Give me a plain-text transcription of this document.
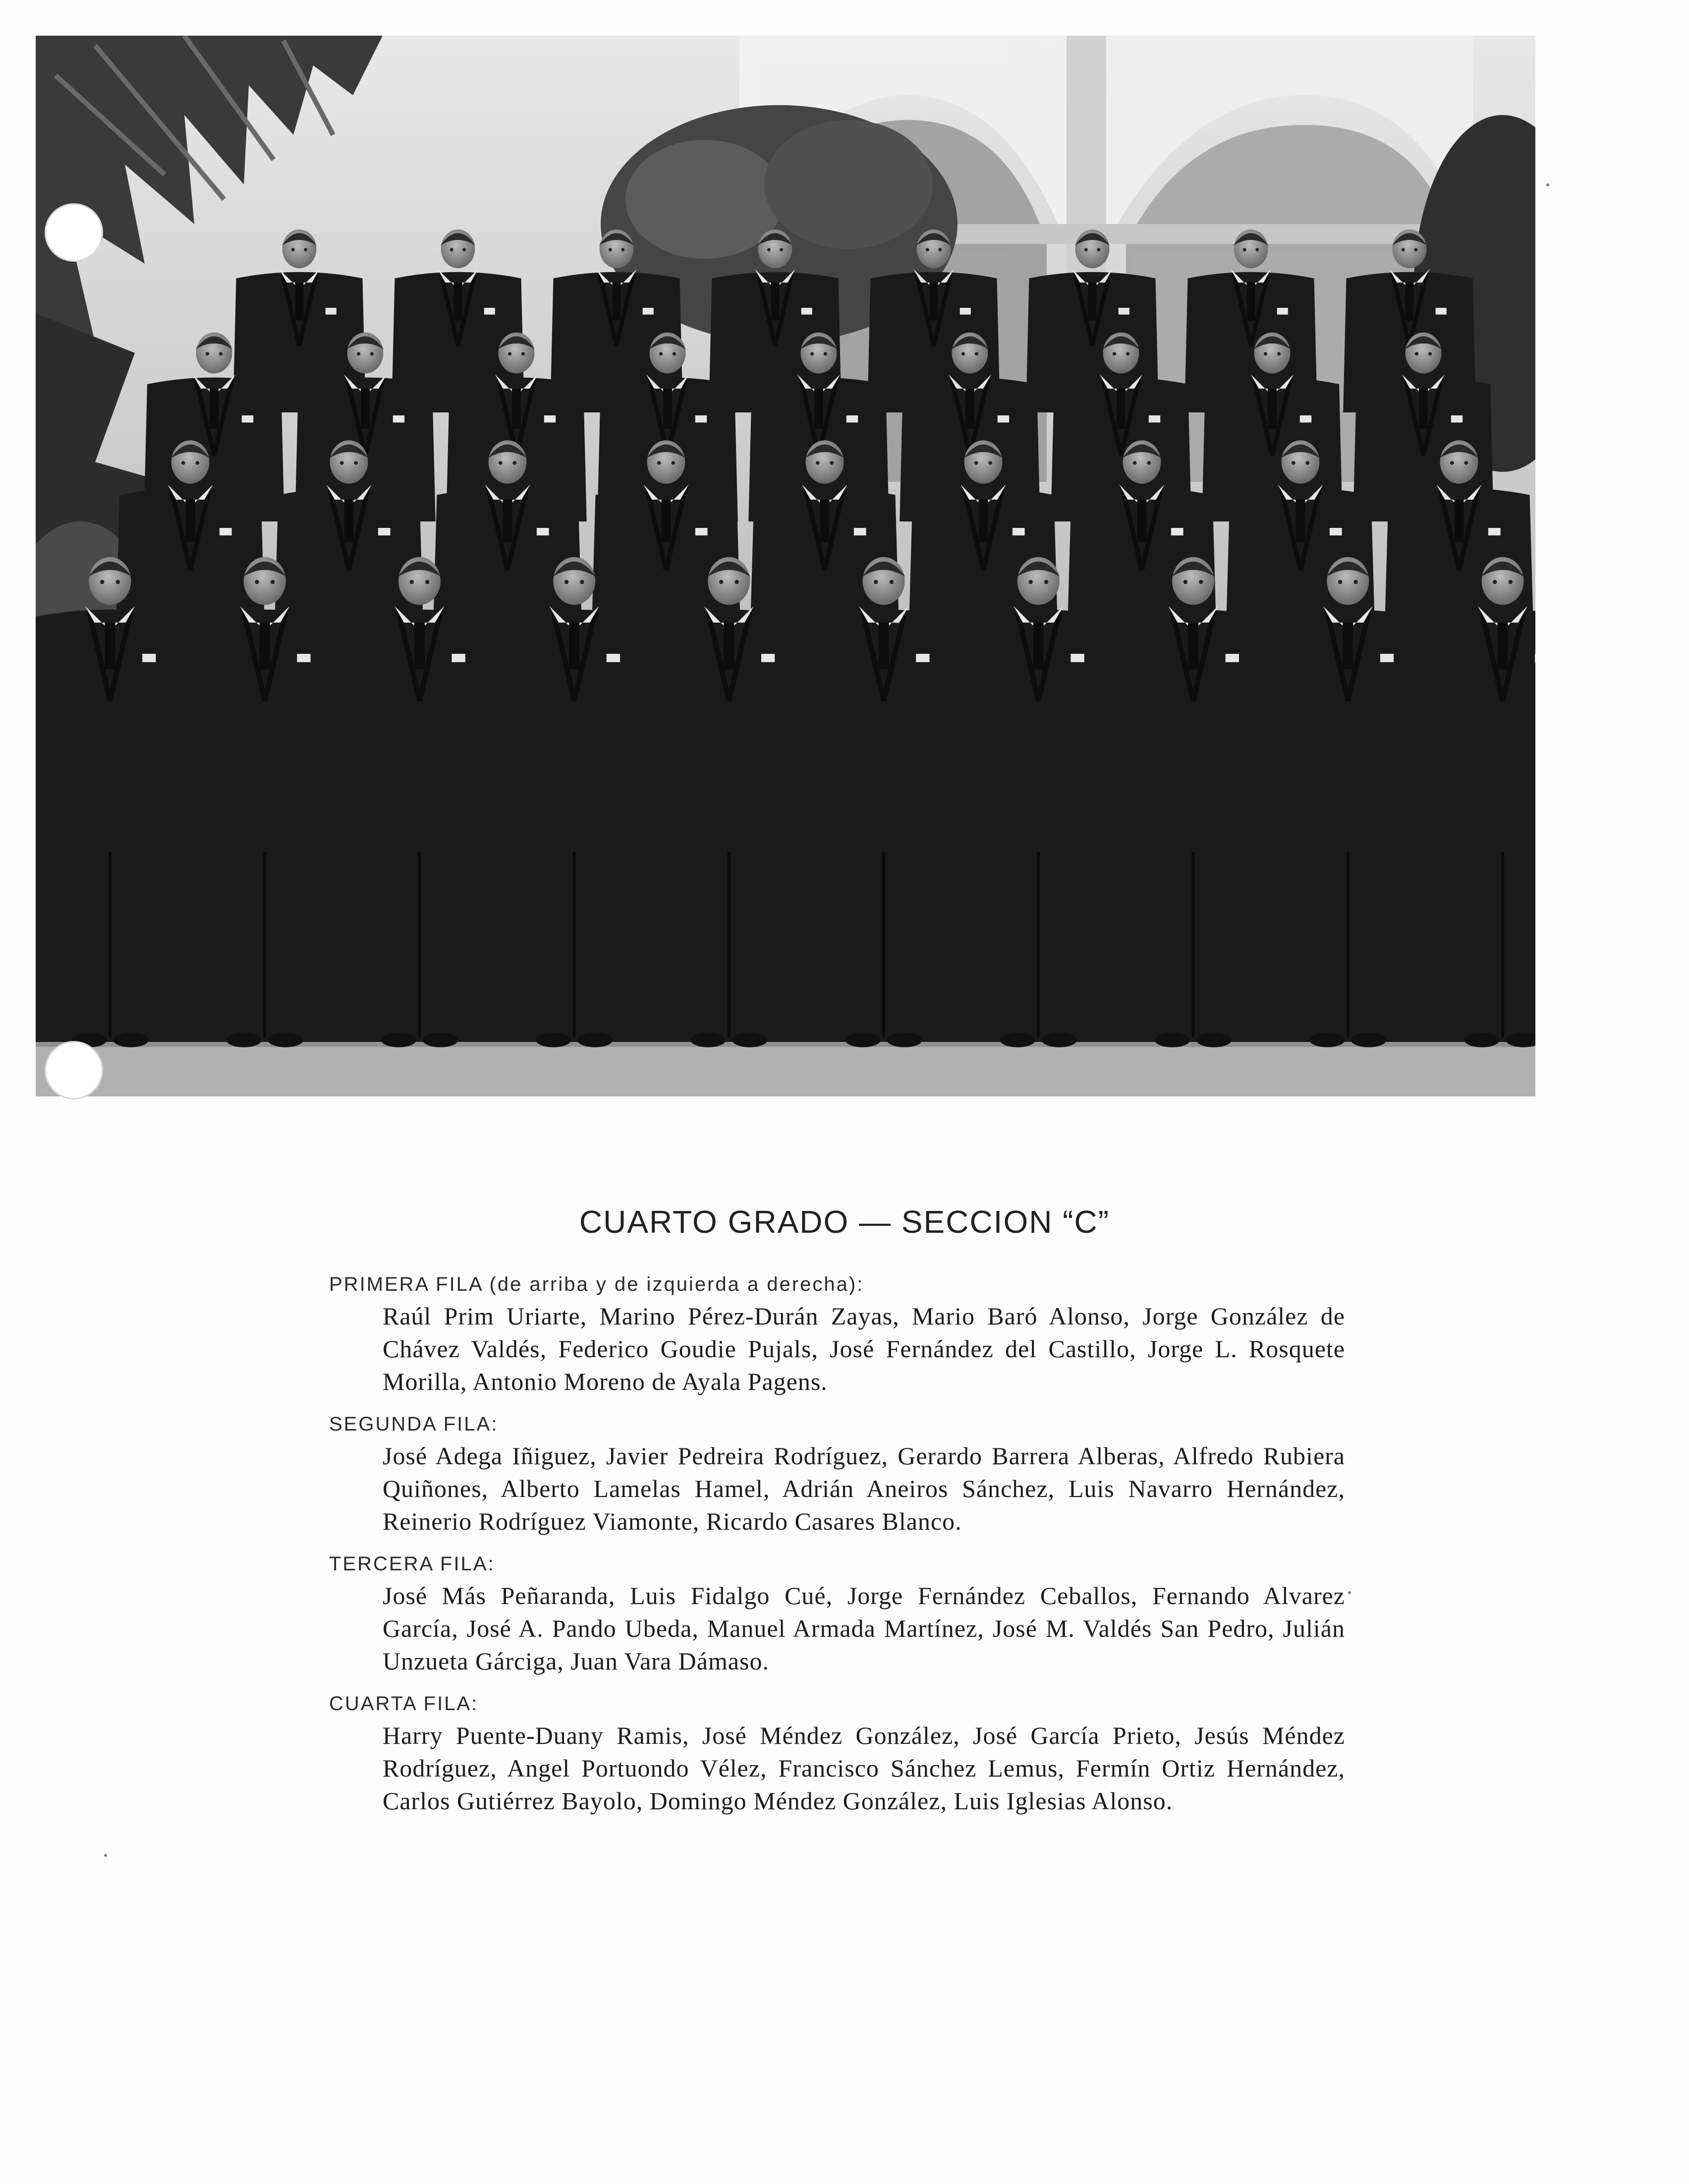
CUARTO GRADO — SECCION “C”
PRIMERA FILA (de arriba y de izquierda a derecha):
Raúl Prim Uriarte, Marino Pérez-Durán Zayas, Mario Baró Alonso, Jorge González de Chávez Valdés, Federico Goudie Pujals, José Fernández del Castillo, Jorge L. Rosquete Morilla, Antonio Moreno de Ayala Pagens.
SEGUNDA FILA:
José Adega Iñiguez, Javier Pedreira Rodríguez, Gerardo Barrera Alberas, Alfredo Rubiera Quiñones, Alberto Lamelas Hamel, Adrián Aneiros Sánchez, Luis Navarro Hernández, Reinerio Rodríguez Viamonte, Ricardo Casares Blanco.
TERCERA FILA:
José Más Peñaranda, Luis Fidalgo Cué, Jorge Fernández Ceballos, Fernando Alvarez García, José A. Pando Ubeda, Manuel Armada Martínez, José M. Valdés San Pedro, Julián Unzueta Gárciga, Juan Vara Dámaso.
CUARTA FILA:
Harry Puente-Duany Ramis, José Méndez González, José García Prieto, Jesús Méndez Rodríguez, Angel Portuondo Vélez, Francisco Sánchez Lemus, Fermín Ortiz Hernández, Carlos Gutiérrez Bayolo, Domingo Méndez González, Luis Iglesias Alonso.
